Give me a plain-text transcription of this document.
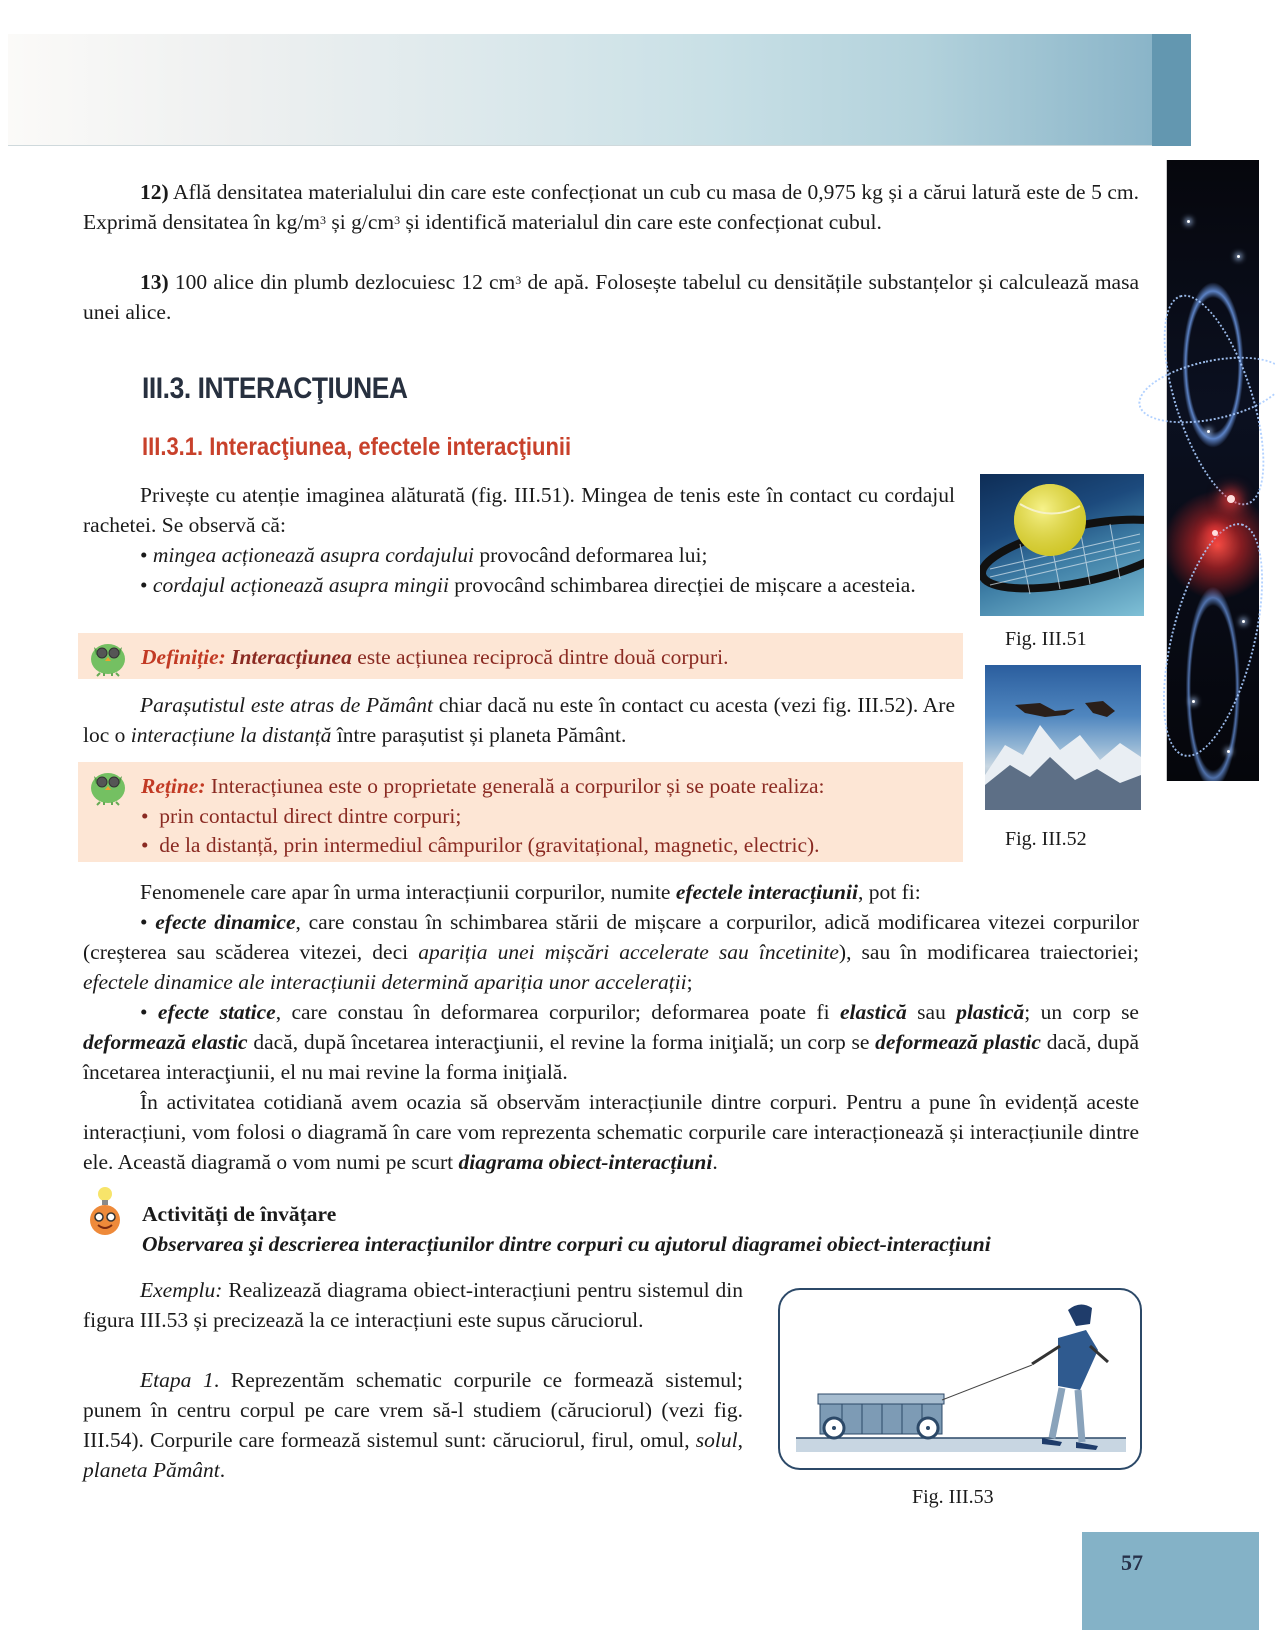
12) Află densitatea materialului din care este confecționat un cub cu masa de 0,975 kg și a cărui latură este de 5 cm. Exprimă densitatea în $kg/m^3$ și $g/cm^3$ și identifică materialul din care este confecționat cubul.

13) 100 alice din plumb dezlocuiesc 12 $cm^3$ de apă. Folosește tabelul cu densitățile substanțelor și calculează masa unei alice.

III.3. INTERACŢIUNEA
III.3.1. Interacţiunea, efectele interacţiunii

Privește cu atenție imaginea alăturată (fig. III.51). Mingea de tenis este în contact cu cordajul rachetei. Se observă că:

• mingea acționează asupra cordajului provocând deformarea lui;

• cordajul acționează asupra mingii provocând schimbarea direcției de mișcare a acesteia.

Fig. III.51
Definiție: Interacțiunea este acțiunea reciprocă dintre două corpuri.

Parașutistul este atras de Pământ chiar dacă nu este în contact cu acesta (vezi fig. III.52). Are loc o interacțiune la distanță între parașutist și planeta Pământ.

Fig. III.52
Reține: Interacțiunea este o proprietate generală a corpurilor și se poate realiza:
•  prin contactul direct dintre corpuri;
•  de la distanță, prin intermediul câmpurilor (gravitațional, magnetic, electric).

Fenomenele care apar în urma interacțiunii corpurilor, numite efectele interacțiunii, pot fi:

• efecte dinamice, care constau în schimbarea stării de mișcare a corpurilor, adică modificarea vitezei corpurilor (creșterea sau scăderea vitezei, deci apariția unei mișcări accelerate sau încetinite), sau în modificarea traiectoriei; efectele dinamice ale interacțiunii determină apariția unor accelerații;

• efecte statice, care constau în deformarea corpurilor; deformarea poate fi elastică sau plastică; un corp se deformează elastic dacă, după încetarea interacţiunii, el revine la forma iniţială; un corp se deformează plastic dacă, după încetarea interacţiunii, el nu mai revine la forma iniţială.

În activitatea cotidiană avem ocazia să observăm interacțiunile dintre corpuri. Pentru a pune în evidență aceste interacțiuni, vom folosi o diagramă în care vom reprezenta schematic corpurile care interacționează și interacțiunile dintre ele. Această diagramă o vom numi pe scurt diagrama obiect-interacțiuni.

Activități de învățare
Observarea şi descrierea interacțiunilor dintre corpuri cu ajutorul diagramei obiect-interacțiuni

Exemplu: Realizează diagrama obiect-interacțiuni pentru sistemul din figura III.53 și precizează la ce interacțiuni este supus căruciorul.

Etapa 1. Reprezentăm schematic corpurile ce formează sistemul; punem în centru corpul pe care vrem să-l studiem (căruciorul) (vezi fig. III.54). Corpurile care formează sistemul sunt: căruciorul, firul, omul, solul, planeta Pământ.

Fig. III.53
57
